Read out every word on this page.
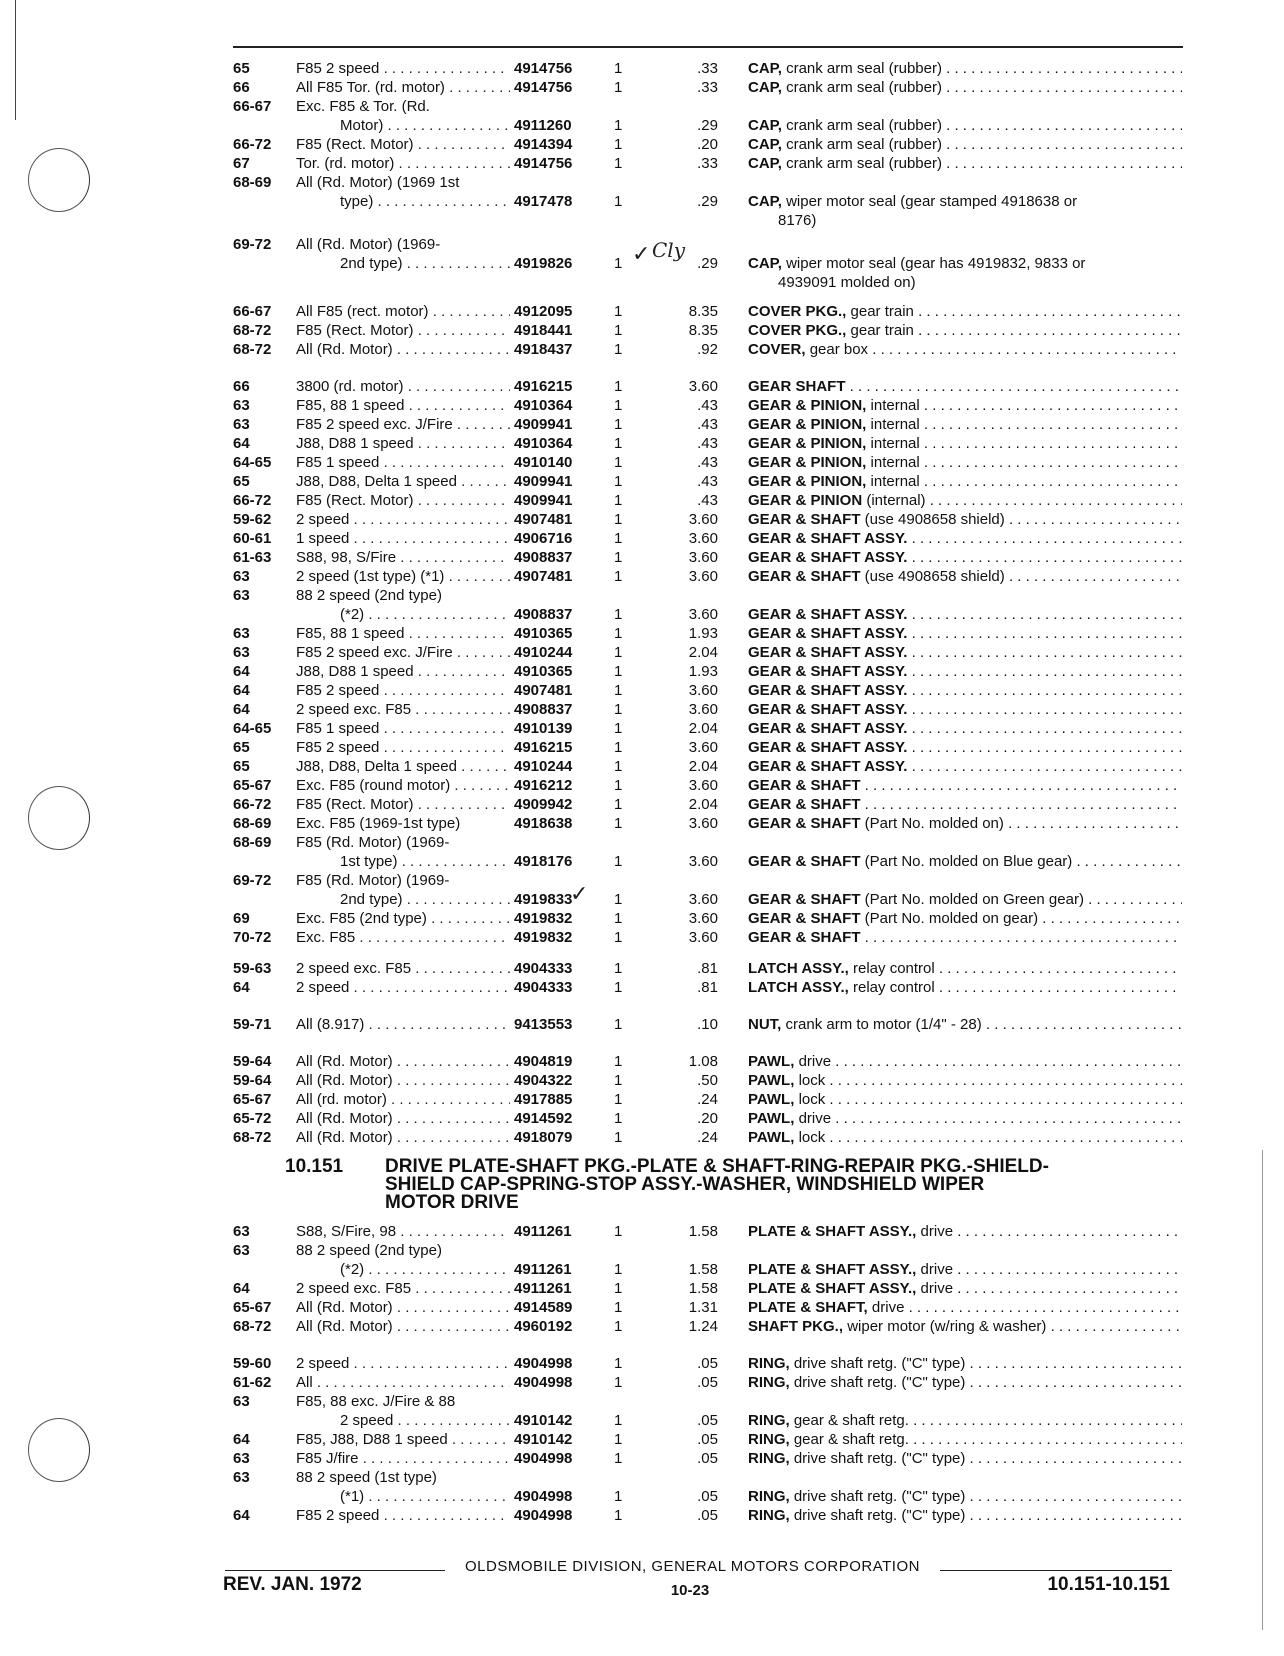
65	F85 2 speed . . .	4914756	1	.33 CAP, crank arm seal (rubber) . . .
66	All F85 Tor. (rd. motor) . . .	4914756	1	.33 CAP, crank arm seal (rubber) . . .
66-67 Exc. F85 & Tor. (Rd.
Motor) . . .	4911260	1	.29 CAP, crank arm seal (rubber) . . .
66-72 F85 (Rect. Motor) . . .	4914394	1	.20 CAP, crank arm seal (rubber) . . .
67	Tor. (rd. motor) . . .	4914756	1	.33 CAP, crank arm seal (rubber) . . .
68-69 All (Rd. Motor) (1969 1st
type) . . .	4917478	1	.29 CAP, wiper motor seal (gear stamped 4918638 or
8176)
69-72 All (Rd. Motor) (1969-
2nd type) . . .	4919826	1	.29 CAP, wiper motor seal (gear has 4919832, 9833 or
4939091 molded on)
66-67 All F85 (rect. motor) . . .	4912095	1	8.35 COVER PKG., gear train . . .
68-72 F85 (Rect. Motor) . . .	4918441	1	8.35 COVER PKG., gear train . . .
68-72 All (Rd. Motor) . . .	4918437	1	.92 COVER, gear box . . .
66	3800 (rd. motor) . . .	4916215	1	3.60 GEAR SHAFT . . .
63	F85, 88 1 speed . . .	4910364	1	.43 GEAR & PINION, internal . . .
63	F85 2 speed exc. J/Fire . . .	4909941	1	.43 GEAR & PINION, internal . . .
64	J88, D88 1 speed . . .	4910364	1	.43 GEAR & PINION, internal . . .
64-65 F85 1 speed . . .	4910140	1	.43 GEAR & PINION, internal . . .
65	J88, D88, Delta 1 speed . . .	4909941	1	.43 GEAR & PINION, internal . . .
66-72 F85 (Rect. Motor) . . .	4909941	1	.43 GEAR & PINION (internal) . . .
59-62 2 speed . . .	4907481	1	3.60 GEAR & SHAFT (use 4908658 shield) . . .
60-61 1 speed . . .	4906716	1	3.60 GEAR & SHAFT ASSY. . . .
61-63 S88, 98, S/Fire . . .	4908837	1	3.60 GEAR & SHAFT ASSY. . . .
63	2 speed (1st type) (*1) . . .	4907481	1	3.60 GEAR & SHAFT (use 4908658 shield) . . .
63	88 2 speed (2nd type)
(*2) . . .	4908837	1	3.60 GEAR & SHAFT ASSY. . . .
63	F85, 88 1 speed . . .	4910365	1	1.93 GEAR & SHAFT ASSY. . . .
63	F85 2 speed exc. J/Fire . . .	4910244	1	2.04 GEAR & SHAFT ASSY. . . .
64	J88, D88 1 speed . . .	4910365	1	1.93 GEAR & SHAFT ASSY. . . .
64	F85 2 speed . . .	4907481	1	3.60 GEAR & SHAFT ASSY. . . .
64	2 speed exc. F85 . . .	4908837	1	3.60 GEAR & SHAFT ASSY. . . .
64-65 F85 1 speed . . .	4910139	1	2.04 GEAR & SHAFT ASSY. . . .
65	F85 2 speed . . .	4916215	1	3.60 GEAR & SHAFT ASSY. . . .
65	J88, D88, Delta 1 speed . . .	4910244	1	2.04 GEAR & SHAFT ASSY. . . .
65-67 Exc. F85 (round motor) . . .	4916212	1	3.60 GEAR & SHAFT . . .
66-72 F85 (Rect. Motor) . . .	4909942	1	2.04 GEAR & SHAFT . . .
68-69 Exc. F85 (1969-1st type)	4918638	1	3.60 GEAR & SHAFT (Part No. molded on) . . .
68-69 F85 (Rd. Motor) (1969-
1st type) . . .	4918176	1	3.60 GEAR & SHAFT (Part No. molded on Blue gear) . . .
69-72 F85 (Rd. Motor) (1969-
2nd type) . . .	4919833	1	3.60 GEAR & SHAFT (Part No. molded on Green gear) . . .
69	Exc. F85 (2nd type) . . .	4919832	1	3.60 GEAR & SHAFT (Part No. molded on gear) . . .
70-72 Exc. F85 . . .	4919832	1	3.60 GEAR & SHAFT . . .
59-63 2 speed exc. F85 . . .	4904333	1	.81 LATCH ASSY., relay control . . .
64	2 speed . . .	4904333	1	.81 LATCH ASSY., relay control . . .
59-71 All (8.917) . . .	9413553	1	.10 NUT, crank arm to motor (1/4" - 28) . . .
59-64 All (Rd. Motor) . . .	4904819	1	1.08 PAWL, drive . . .
59-64 All (Rd. Motor) . . .	4904322	1	.50 PAWL, lock . . .
65-67 All (rd. motor) . . .	4917885	1	.24 PAWL, lock . . .
65-72 All (Rd. Motor) . . .	4914592	1	.20 PAWL, drive . . .
68-72 All (Rd. Motor) . . .	4918079	1	.24 PAWL, lock . . .
63	S88, S/Fire, 98 . . .	4911261	1	1.58 PLATE & SHAFT ASSY., drive . . .
63	88 2 speed (2nd type)
(*2) . . .	4911261	1	1.58 PLATE & SHAFT ASSY., drive . . .
64	2 speed exc. F85 . . .	4911261	1	1.58 PLATE & SHAFT ASSY., drive . . .
65-67 All (Rd. Motor) . . .	4914589	1	1.31 PLATE & SHAFT, drive . . .
68-72 All (Rd. Motor) . . .	4960192	1	1.24 SHAFT PKG., wiper motor (w/ring & washer) . . .
59-60 2 speed . . .	4904998	1	.05 RING, drive shaft retg. ("C" type) . . .
61-62 All . . .	4904998	1	.05 RING, drive shaft retg. ("C" type) . . .
63	F85, 88 exc. J/Fire & 88
2 speed . . .	4910142	1	.05 RING, gear & shaft retg. . . .
64	F85, J88, D88 1 speed . . .	4910142	1	.05 RING, gear & shaft retg. . . .
63	F85 J/fire . . .	4904998	1	.05 RING, drive shaft retg. ("C" type) . . .
63	88 2 speed (1st type)
(*1) . . .	4904998	1	.05 RING, drive shaft retg. ("C" type) . . .
64	F85 2 speed . . .	4904998	1	.05 RING, drive shaft retg. ("C" type) . . .
10.151 DRIVE PLATE-SHAFT PKG.-PLATE & SHAFT-RING-REPAIR PKG.-SHIELD-
SHIELD CAP-SPRING-STOP ASSY.-WASHER, WINDSHIELD WIPER
MOTOR DRIVE
✓ Cly
✓
OLDSMOBILE DIVISION, GENERAL MOTORS CORPORATION
REV. JAN. 1972	10-23	10.151-10.151
